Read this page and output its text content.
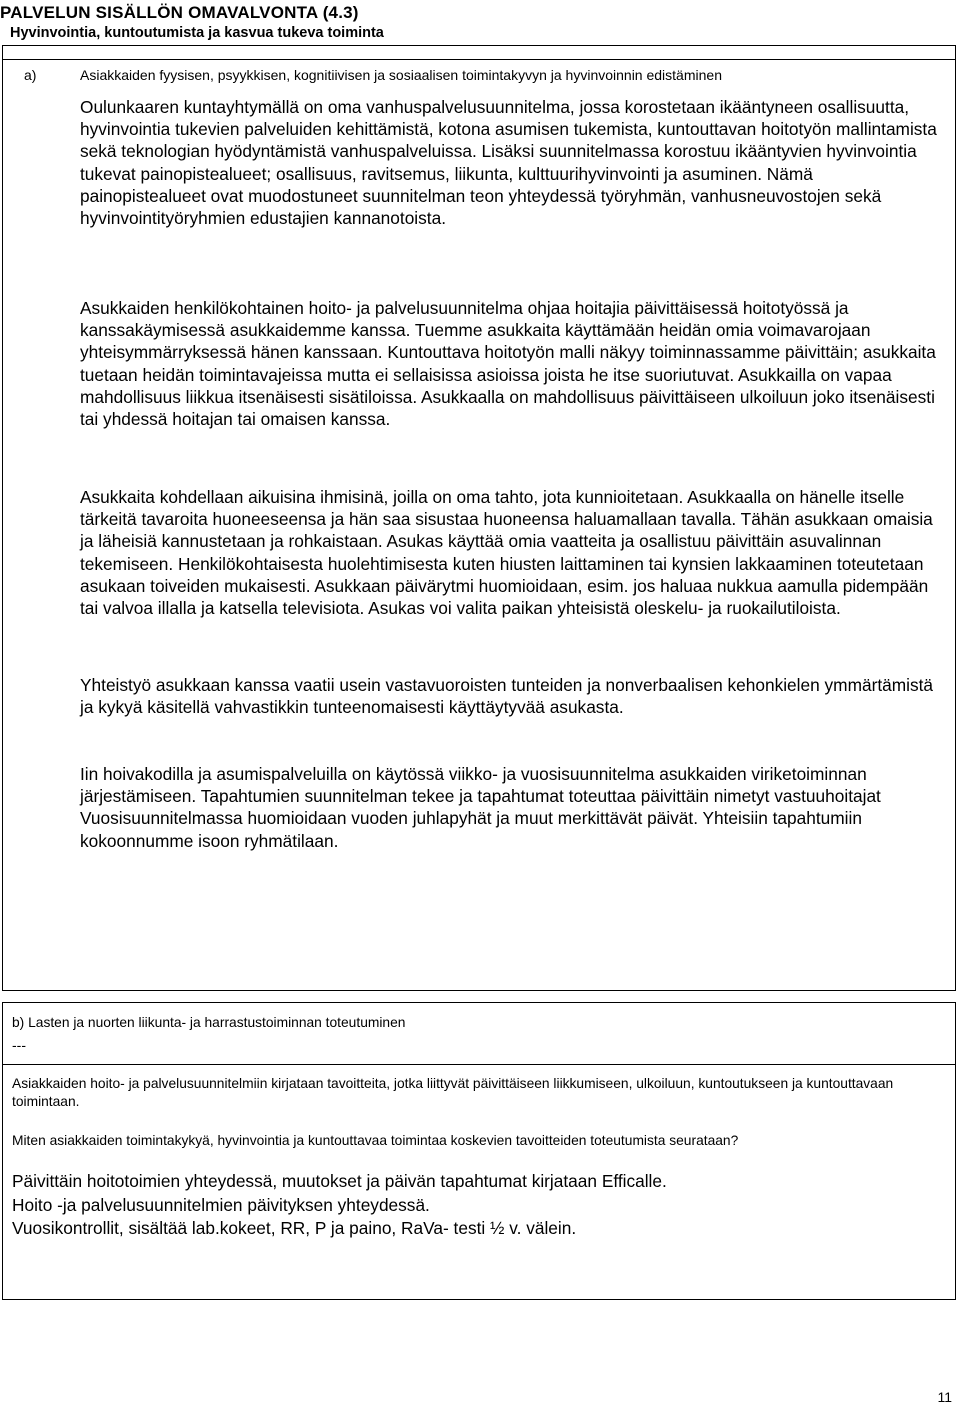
PALVELUN SISÄLLÖN OMAVALVONTA (4.3)
Hyvinvointia, kuntoutumista ja kasvua tukeva toiminta
a)	Asiakkaiden fyysisen, psyykkisen, kognitiivisen ja sosiaalisen toimintakyvyn ja hyvinvoinnin edistäminen

Oulunkaaren kuntayhtymällä on oma vanhuspalvelusuunnitelma, jossa korostetaan ikääntyneen osallisuutta, hyvinvointia tukevien palveluiden kehittämistä, kotona asumisen tukemista, kuntouttavan hoitotyön mallintamista sekä teknologian hyödyntämistä vanhuspalveluissa. Lisäksi suunnitelmassa korostuu ikääntyvien hyvinvointia tukevat painopistealueet; osallisuus, ravitsemus, liikunta, kulttuurihyvinvointi ja asuminen. Nämä painopistealueet ovat muodostuneet suunnitelman teon yhteydessä työryhmän, vanhusneuvostojen sekä hyvinvointityöryhmien edustajien kannanotoista.

Asukkaiden henkilökohtainen hoito- ja palvelusuunnitelma ohjaa hoitajia päivittäisessä hoitotyössä ja kanssakäymisessä asukkaidemme kanssa. Tuemme asukkaita käyttämään heidän omia voimavarojaan yhteisymmärryksessä hänen kanssaan. Kuntouttava hoitotyön malli näkyy toiminnassamme päivittäin; asukkaita tuetaan heidän toimintavajeissa mutta ei sellaisissa asioissa joista he itse suoriutuvat. Asukkailla on vapaa mahdollisuus liikkua itsenäisesti sisätiloissa. Asukkaalla on mahdollisuus päivittäiseen ulkoiluun joko itsenäisesti tai yhdessä hoitajan tai omaisen kanssa.

Asukkaita kohdellaan aikuisina ihmisinä, joilla on oma tahto, jota kunnioitetaan. Asukkaalla on hänelle itselle tärkeitä tavaroita huoneeseensa ja hän saa sisustaa huoneensa haluamallaan tavalla. Tähän asukkaan omaisia ja läheisiä kannustetaan ja rohkaistaan. Asukas käyttää omia vaatteita ja osallistuu päivittäin asuvalinnan tekemiseen. Henkilökohtaisesta huolehtimisesta kuten hiusten laittaminen tai kynsien lakkaaminen toteutetaan asukaan toiveiden mukaisesti. Asukkaan päivärytmi huomioidaan, esim. jos haluaa nukkua aamulla pidempään tai valvoa illalla ja katsella televisiota. Asukas voi valita paikan yhteisistä oleskelu- ja ruokailutiloista.

Yhteistyö asukkaan kanssa vaatii usein vastavuoroisten tunteiden ja nonverbaalisen kehonkielen ymmärtämistä ja kykyä käsitellä vahvastikkin tunteenomaisesti käyttäytyvää asukasta.

Iin hoivakodilla ja asumispalveluilla on käytössä viikko- ja vuosisuunnitelma asukkaiden viriketoiminnan järjestämiseen. Tapahtumien suunnitelman tekee ja tapahtumat toteuttaa päivittäin nimetyt vastuuhoitajat Vuosisuunnitelmassa huomioidaan vuoden juhlapyhät ja muut merkittävät päivät. Yhteisiin tapahtumiin kokoonnumme isoon ryhmätilaan.

b) Lasten ja nuorten liikunta- ja harrastustoiminnan toteutuminen
---
Asiakkaiden hoito- ja palvelusuunnitelmiin kirjataan tavoitteita, jotka liittyvät päivittäiseen liikkumiseen, ulkoiluun, kuntoutukseen ja kuntouttavaan toimintaan.
Miten asiakkaiden toimintakykyä, hyvinvointia ja kuntouttavaa toimintaa koskevien tavoitteiden toteutumista seurataan?

Päivittäin hoitotoimien yhteydessä, muutokset ja päivän tapahtumat kirjataan Efficalle.

Hoito -ja palvelusuunnitelmien päivityksen yhteydessä.

Vuosikontrollit, sisältää lab.kokeet, RR, P ja paino, RaVa- testi ½ v. välein.

11
